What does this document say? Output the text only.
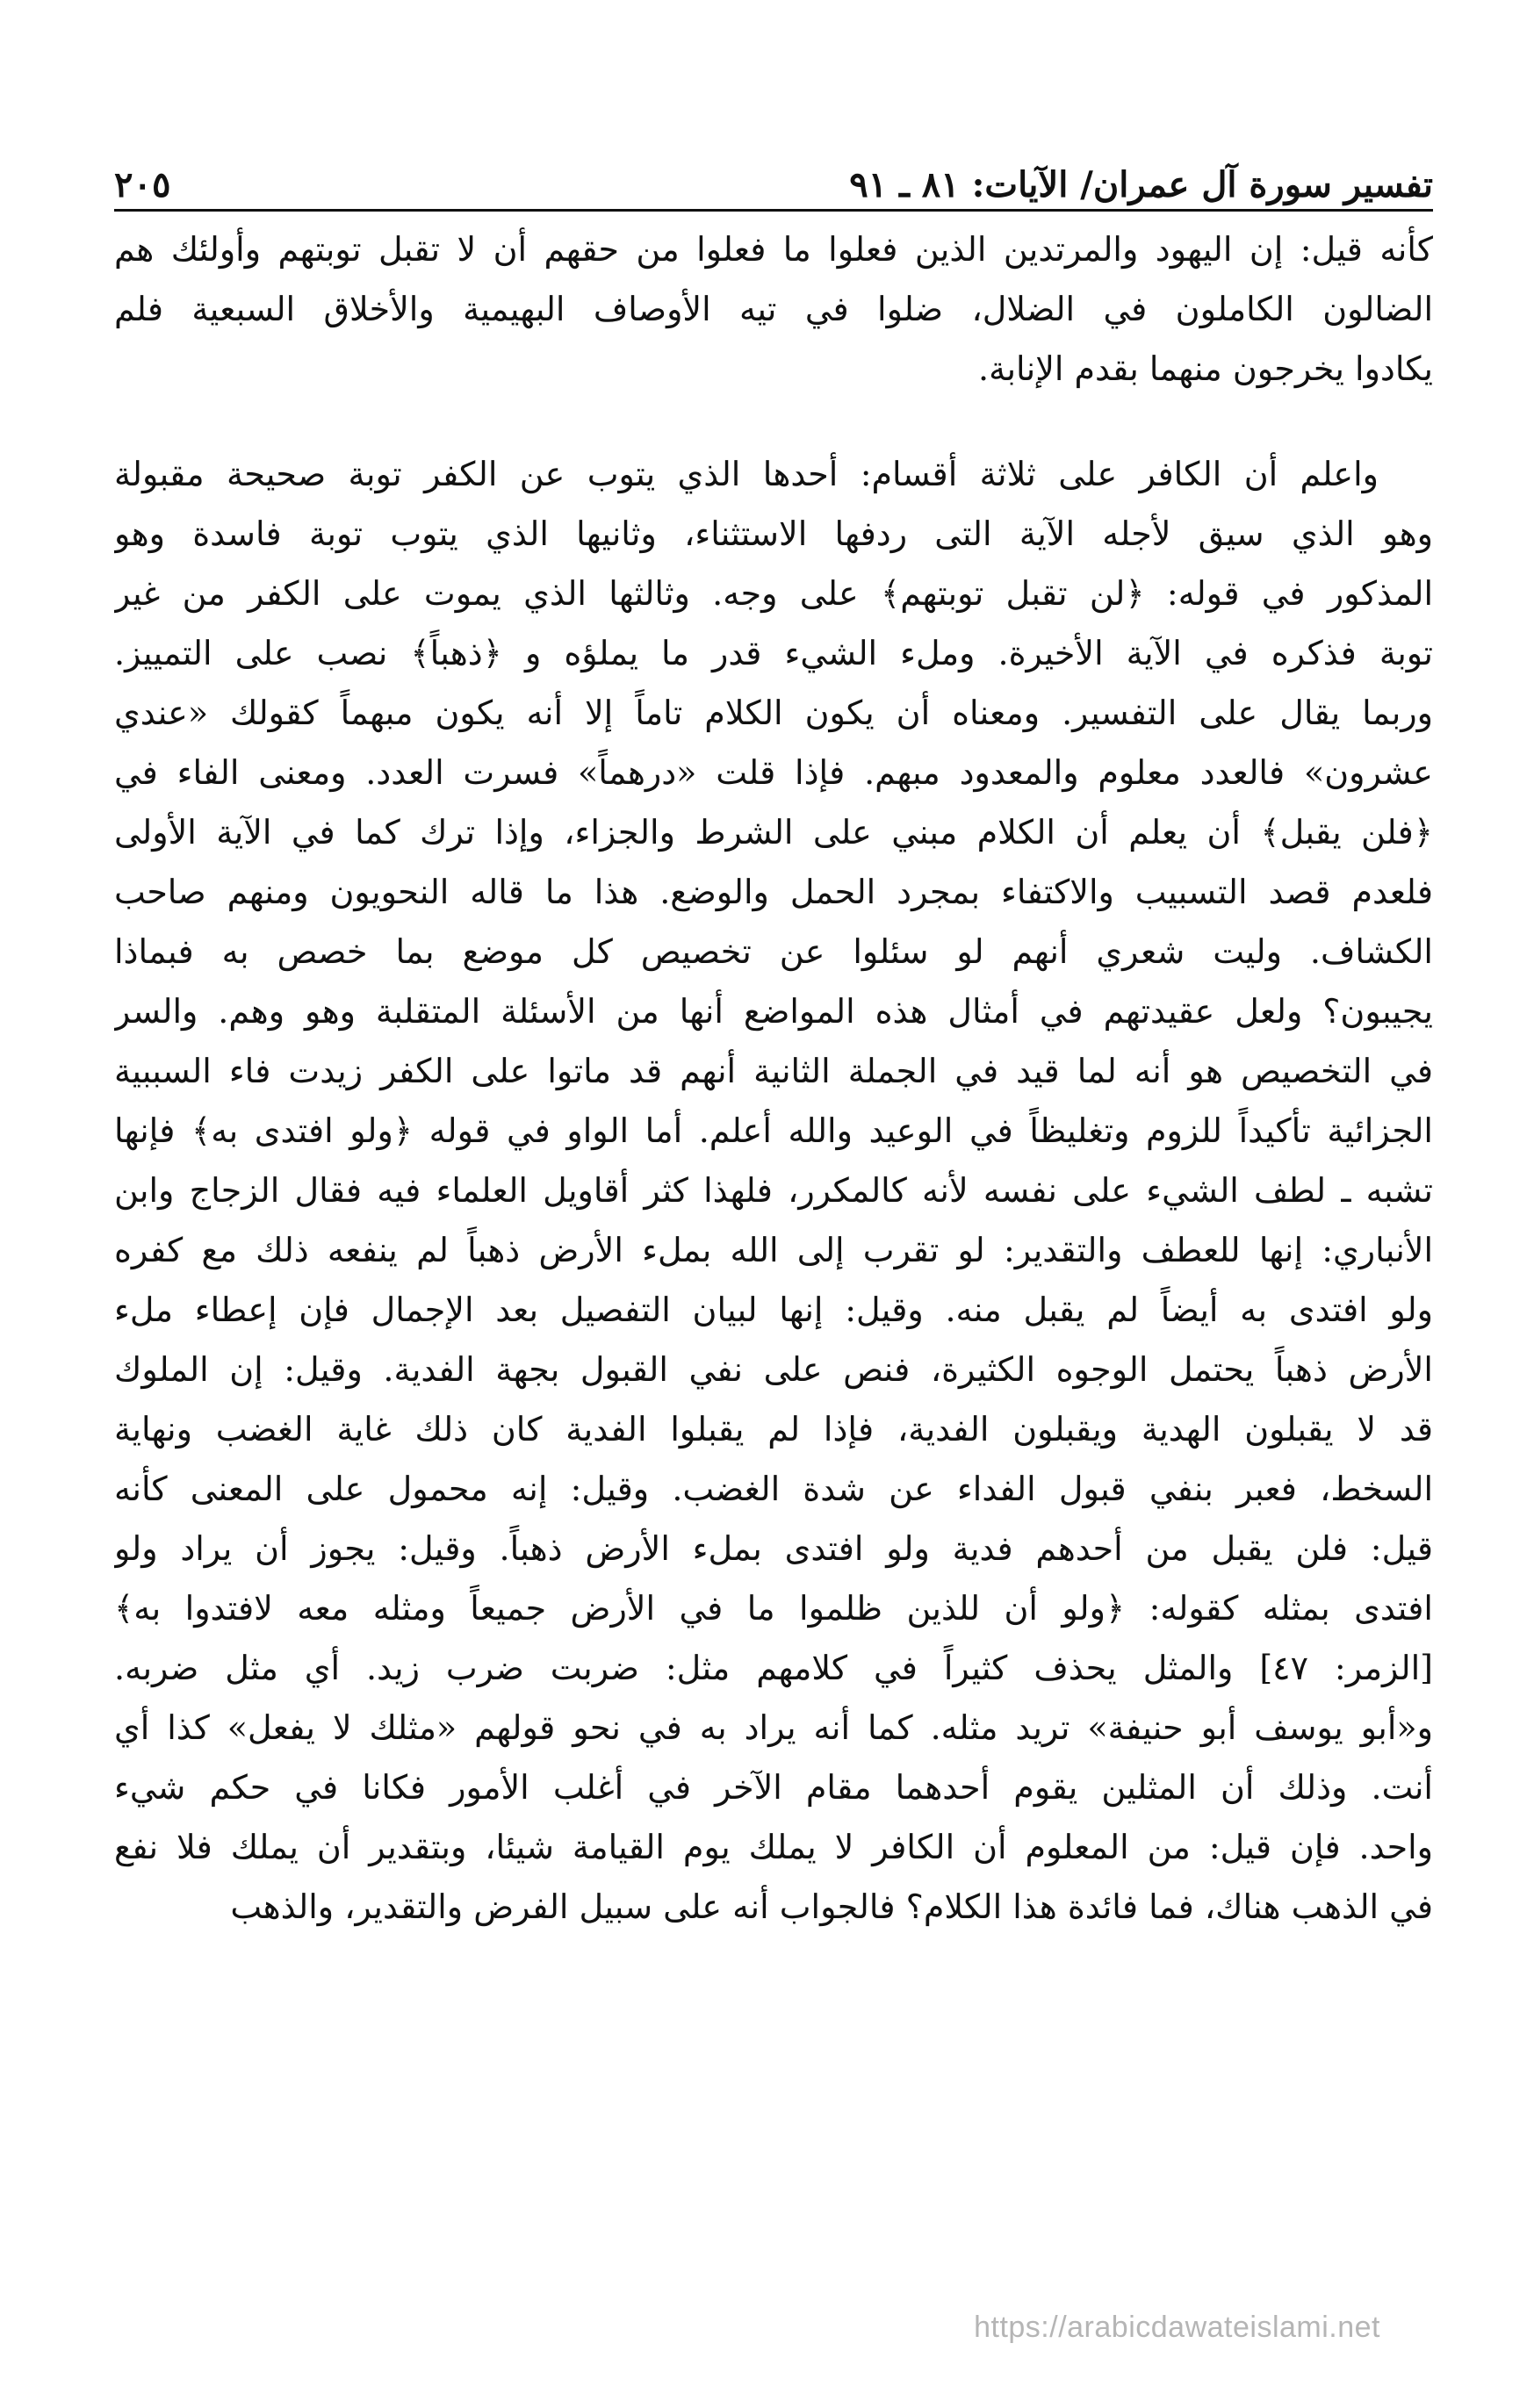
تفسير سورة آل عمران/ الآيات: ٨١ ـ ٩١
٢٠٥
كأنه قيل: إن اليهود والمرتدين الذين فعلوا ما فعلوا من حقهم أن لا تقبل توبتهم وأولئك هم
الضالون الكاملون في الضلال، ضلوا في تيه الأوصاف البهيمية والأخلاق السبعية فلم
يكادوا يخرجون منهما بقدم الإنابة.
واعلم أن الكافر على ثلاثة أقسام: أحدها الذي يتوب عن الكفر توبة صحيحة مقبولة
وهو الذي سيق لأجله الآية التى ردفها الاستثناء، وثانيها الذي يتوب توبة فاسدة وهو
المذكور في قوله: ﴿لن تقبل توبتهم﴾ على وجه. وثالثها الذي يموت على الكفر من غير
توبة فذكره في الآية الأخيرة. وملء الشيء قدر ما يملؤه و ﴿ذهباً﴾ نصب على التمييز.
وربما يقال على التفسير. ومعناه أن يكون الكلام تاماً إلا أنه يكون مبهماً كقولك «عندي
عشرون» فالعدد معلوم والمعدود مبهم. فإذا قلت «درهماً» فسرت العدد. ومعنى الفاء في
﴿فلن يقبل﴾ أن يعلم أن الكلام مبني على الشرط والجزاء، وإذا ترك كما في الآية الأولى
فلعدم قصد التسبيب والاكتفاء بمجرد الحمل والوضع. هذا ما قاله النحويون ومنهم صاحب
الكشاف. وليت شعري أنهم لو سئلوا عن تخصيص كل موضع بما خصص به فبماذا
يجيبون؟ ولعل عقيدتهم في أمثال هذه المواضع أنها من الأسئلة المتقلبة وهو وهم. والسر
في التخصيص هو أنه لما قيد في الجملة الثانية أنهم قد ماتوا على الكفر زيدت فاء السببية
الجزائية تأكيداً للزوم وتغليظاً في الوعيد والله أعلم. أما الواو في قوله ﴿ولو افتدى به﴾ فإنها
تشبه ـ لطف الشيء على نفسه لأنه كالمكرر، فلهذا كثر أقاويل العلماء فيه فقال الزجاج وابن
الأنباري: إنها للعطف والتقدير: لو تقرب إلى الله بملء الأرض ذهباً لم ينفعه ذلك مع كفره
ولو افتدى به أيضاً لم يقبل منه. وقيل: إنها لبيان التفصيل بعد الإجمال فإن إعطاء ملء
الأرض ذهباً يحتمل الوجوه الكثيرة، فنص على نفي القبول بجهة الفدية. وقيل: إن الملوك
قد لا يقبلون الهدية ويقبلون الفدية، فإذا لم يقبلوا الفدية كان ذلك غاية الغضب ونهاية
السخط، فعبر بنفي قبول الفداء عن شدة الغضب. وقيل: إنه محمول على المعنى كأنه
قيل: فلن يقبل من أحدهم فدية ولو افتدى بملء الأرض ذهباً. وقيل: يجوز أن يراد ولو
افتدى بمثله كقوله: ﴿ولو أن للذين ظلموا ما في الأرض جميعاً ومثله معه لافتدوا به﴾
[الزمر: ٤٧] والمثل يحذف كثيراً في كلامهم مثل: ضربت ضرب زيد. أي مثل ضربه.
و«أبو يوسف أبو حنيفة» تريد مثله. كما أنه يراد به في نحو قولهم «مثلك لا يفعل» كذا أي
أنت. وذلك أن المثلين يقوم أحدهما مقام الآخر في أغلب الأمور فكانا في حكم شيء
واحد. فإن قيل: من المعلوم أن الكافر لا يملك يوم القيامة شيئا، وبتقدير أن يملك فلا نفع
في الذهب هناك، فما فائدة هذا الكلام؟ فالجواب أنه على سبيل الفرض والتقدير، والذهب
https://arabicdawateislami.net
